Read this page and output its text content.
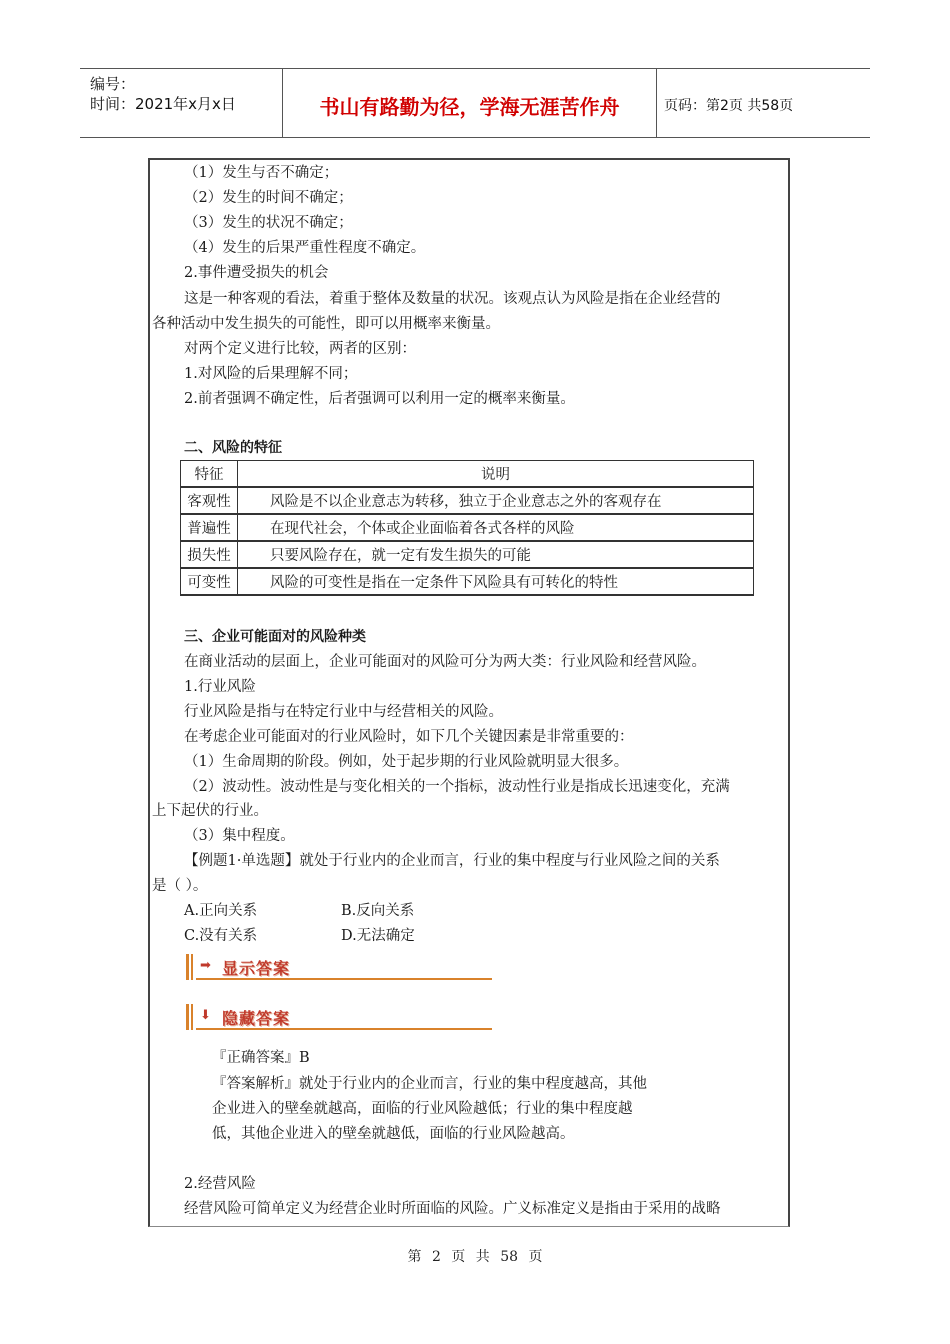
编号：
时间：2021年x月x日	书山有路勤为径，学海无涯苦作舟	页码：第2页 共58页
（1）发生与否不确定；
（2）发生的时间不确定；
（3）发生的状况不确定；
（4）发生的后果严重性程度不确定。
2.事件遭受损失的机会
这是一种客观的看法，着重于整体及数量的状况。该观点认为风险是指在企业经营的
各种活动中发生损失的可能性，即可以用概率来衡量。
对两个定义进行比较，两者的区别：
1.对风险的后果理解不同；
2.前者强调不确定性，后者强调可以利用一定的概率来衡量。
二、风险的特征
特征	说明
客观性	风险是不以企业意志为转移，独立于企业意志之外的客观存在
普遍性	在现代社会，个体或企业面临着各式各样的风险
损失性	只要风险存在，就一定有发生损失的可能
可变性	风险的可变性是指在一定条件下风险具有可转化的特性
三、企业可能面对的风险种类
在商业活动的层面上，企业可能面对的风险可分为两大类：行业风险和经营风险。
1.行业风险
行业风险是指与在特定行业中与经营相关的风险。
在考虑企业可能面对的行业风险时，如下几个关键因素是非常重要的：
（1）生命周期的阶段。例如，处于起步期的行业风险就明显大很多。
（2）波动性。波动性是与变化相关的一个指标，波动性行业是指成长迅速变化，充满
上下起伏的行业。
（3）集中程度。
【例题1·单选题】就处于行业内的企业而言，行业的集中程度与行业风险之间的关系
是（ ）。
A.正向关系	B.反向关系
C.没有关系	D.无法确定
➡ 显示答案
⬇ 隐藏答案
『正确答案』B
『答案解析』就处于行业内的企业而言，行业的集中程度越高，其他
企业进入的壁垒就越高，面临的行业风险越低；行业的集中程度越
低，其他企业进入的壁垒就越低，面临的行业风险越高。
2.经营风险
经营风险可简单定义为经营企业时所面临的风险。广义标准定义是指由于采用的战略
第 2 页 共 58 页
